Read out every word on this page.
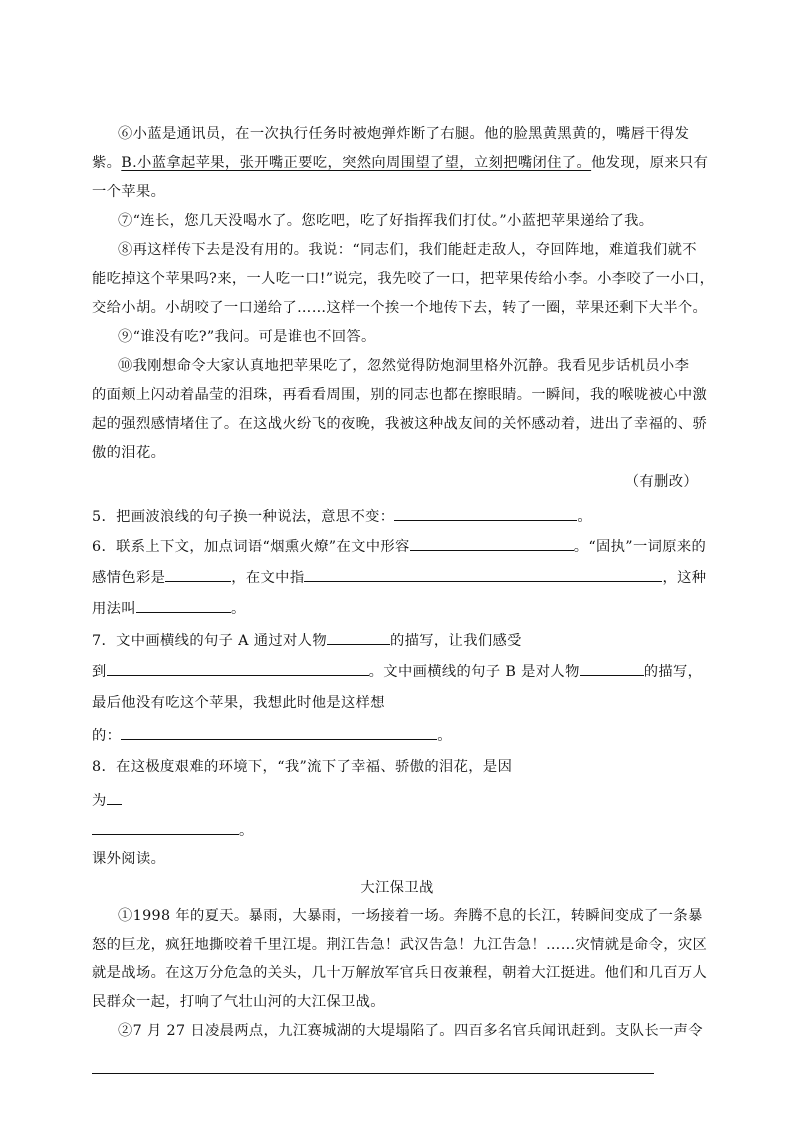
⑥小蓝是通讯员，在一次执行任务时被炮弹炸断了右腿。他的脸黑黄黑黄的，嘴唇干得发
紫。B.小蓝拿起苹果，张开嘴正要吃，突然向周围望了望，立刻把嘴闭住了。他发现，原来只有
一个苹果。
⑦“连长，您几天没喝水了。您吃吧，吃了好指挥我们打仗。”小蓝把苹果递给了我。
⑧再这样传下去是没有用的。我说：“同志们，我们能赶走敌人，夺回阵地，难道我们就不
能吃掉这个苹果吗?来，一人吃一口!”说完，我先咬了一口，把苹果传给小李。小李咬了一小口，
交给小胡。小胡咬了一口递给了……这样一个挨一个地传下去，转了一圈，苹果还剩下大半个。
⑨“谁没有吃?”我问。可是谁也不回答。
⑩我刚想命令大家认真地把苹果吃了，忽然觉得防炮洞里格外沉静。我看见步话机员小李
的面颊上闪动着晶莹的泪珠，再看看周围，别的同志也都在擦眼睛。一瞬间，我的喉咙被心中激
起的强烈感情堵住了。在这战火纷飞的夜晚，我被这种战友间的关怀感动着，进出了幸福的、骄
傲的泪花。
（有删改）
5．把画波浪线的句子换一种说法，意思不变：	。
6．联系上下文，加点词语“烟熏火燎”在文中形容	。“固执”一词原来的
感情色彩是	，在文中指	，这种
用法叫	。
7．文中画横线的句子 A 通过对人物	的描写，让我们感受
到	。文中画横线的句子 B 是对人物	的描写，
最后他没有吃这个苹果，我想此时他是这样想
的：	。
8．在这极度艰难的环境下，“我”流下了幸福、骄傲的泪花，是因
为
。
课外阅读。
大江保卫战
①1998 年的夏天。暴雨，大暴雨，一场接着一场。奔腾不息的长江，转瞬间变成了一条暴
怒的巨龙，疯狂地撕咬着千里江堤。荆江告急！武汉告急！九江告急！……灾情就是命令，灾区
就是战场。在这万分危急的关头，几十万解放军官兵日夜兼程，朝着大江挺进。他们和几百万人
民群众一起，打响了气壮山河的大江保卫战。
②7 月 27 日凌晨两点，九江赛城湖的大堤塌陷了。四百多名官兵闻讯赶到。支队长一声令
